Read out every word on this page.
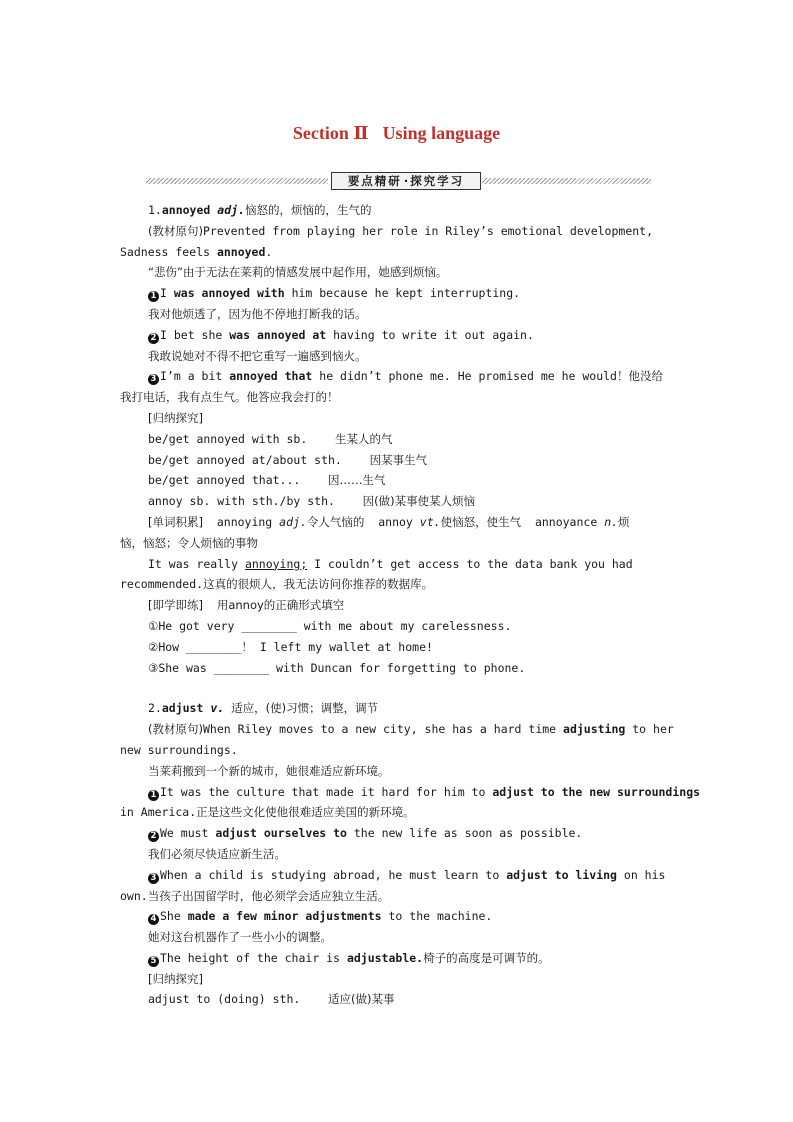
Section Ⅱ Using language
要点精研 · 探究学习
1.annoyed adj.恼怒的，烦恼的，生气的
(教材原句)Prevented from playing her role in Riley’s emotional development,
Sadness feels annoyed.
“悲伤”由于无法在莱莉的情感发展中起作用，她感到烦恼。
1 I was annoyed with him because he kept interrupting.
我对他烦透了，因为他不停地打断我的话。
2 I bet she was annoyed at having to write it out again.
我敢说她对不得不把它重写一遍感到恼火。
3 I’m a bit annoyed that he didn’t phone me. He promised me he would！他没给
我打电话，我有点生气。他答应我会打的！
[归纳探究]
be/get annoyed with sb. 生某人的气
be/get annoyed at/about sth. 因某事生气
be/get annoyed that... 因……生气
annoy sb. with sth./by sth. 因(做)某事使某人烦恼
[单词积累] annoying adj.令人气恼的 annoy vt.使恼怒，使生气 annoyance n.烦
恼，恼怒；令人烦恼的事物
It was really annoying; I couldn’t get access to the data bank you had
recommended.这真的很烦人，我无法访问你推荐的数据库。
[即学即练] 用annoy的正确形式填空
①He got very ________ with me about my carelessness.
②How ________！ I left my wallet at home!
③She was ________ with Duncan for forgetting to phone.
2.adjust v. 适应，(使)习惯；调整，调节
(教材原句)When Riley moves to a new city, she has a hard time adjusting to her
new surroundings.
当莱莉搬到一个新的城市，她很难适应新环境。
1 It was the culture that made it hard for him to adjust to the new surroundings
in America.正是这些文化使他很难适应美国的新环境。
2 We must adjust ourselves to the new life as soon as possible.
我们必须尽快适应新生活。
3 When a child is studying abroad, he must learn to adjust to living on his
own.当孩子出国留学时，他必须学会适应独立生活。
4 She made a few minor adjustments to the machine.
她对这台机器作了一些小小的调整。
5 The height of the chair is adjustable.椅子的高度是可调节的。
[归纳探究]
adjust to (doing) sth. 适应(做)某事
